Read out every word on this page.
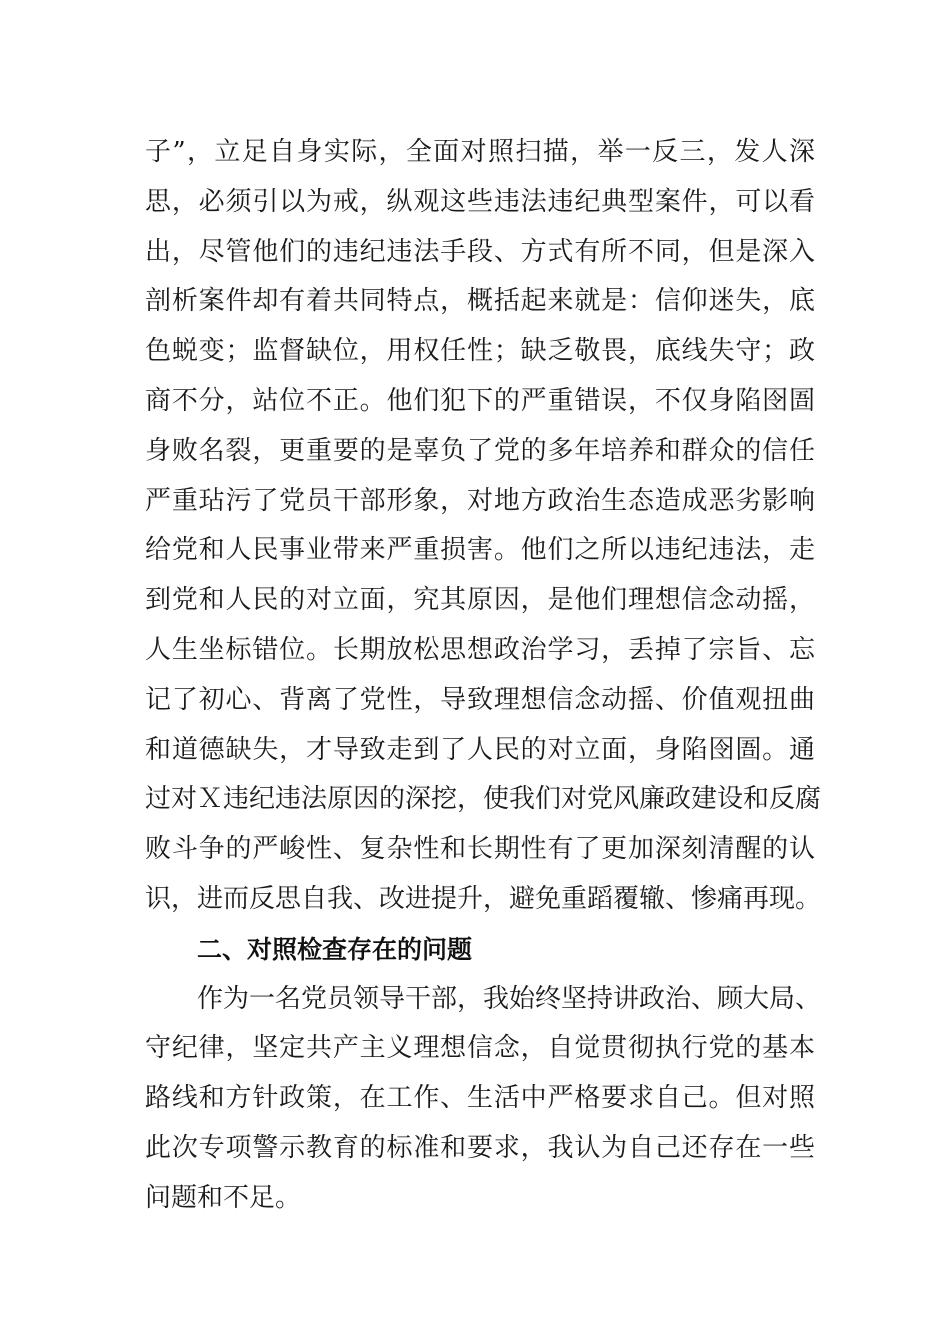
子”，立足自身实际，全面对照扫描，举一反三，发人深
思，必须引以为戒，纵观这些违法违纪典型案件，可以看
出，尽管他们的违纪违法手段、方式有所不同，但是深入
剖析案件却有着共同特点，概括起来就是：信仰迷失，底
色蜕变；监督缺位，用权任性；缺乏敬畏，底线失守；政
商不分，站位不正。他们犯下的严重错误，不仅身陷囹圄
身败名裂，更重要的是辜负了党的多年培养和群众的信任
严重玷污了党员干部形象，对地方政治生态造成恶劣影响
给党和人民事业带来严重损害。他们之所以违纪违法，走
到党和人民的对立面，究其原因，是他们理想信念动摇，
人生坐标错位。长期放松思想政治学习，丢掉了宗旨、忘
记了初心、背离了党性，导致理想信念动摇、价值观扭曲
和道德缺失，才导致走到了人民的对立面，身陷囹圄。通
过对Ｘ违纪违法原因的深挖，使我们对党风廉政建设和反腐
败斗争的严峻性、复杂性和长期性有了更加深刻清醒的认
识，进而反思自我、改进提升，避免重蹈覆辙、惨痛再现。
二、对照检查存在的问题
作为一名党员领导干部，我始终坚持讲政治、顾大局、
守纪律，坚定共产主义理想信念，自觉贯彻执行党的基本
路线和方针政策，在工作、生活中严格要求自己。但对照
此次专项警示教育的标准和要求，我认为自己还存在一些
问题和不足。
